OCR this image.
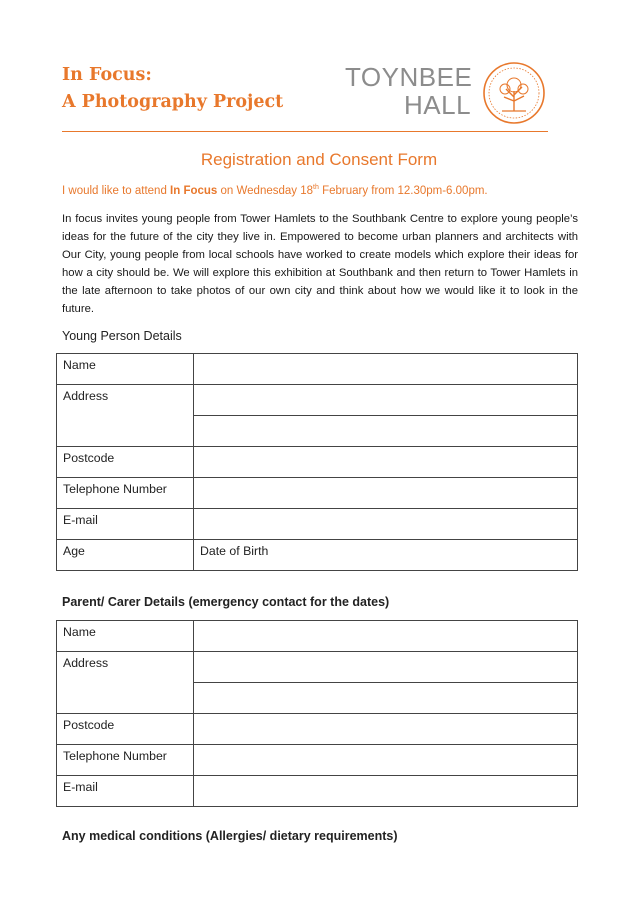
In Focus:
A Photography Project
TOYNBEE
HALL
Registration and Consent Form
I would like to attend In Focus on Wednesday 18th February from 12.30pm-6.00pm.
In focus invites young people from Tower Hamlets to the Southbank Centre to explore young people’s ideas for the future of the city they live in. Empowered to become urban planners and architects with Our City, young people from local schools have worked to create models which explore their ideas for how a city should be. We will explore this exhibition at Southbank and then return to Tower Hamlets in the late afternoon to take photos of our own city and think about how we would like it to look in the future.
Young Person Details
Name	
Address	

Postcode	
Telephone Number	
E-mail	
Age	Date of Birth
Parent/ Carer Details (emergency contact for the dates)
Name	
Address	

Postcode	
Telephone Number	
E-mail	
Any medical conditions (Allergies/ dietary requirements)
